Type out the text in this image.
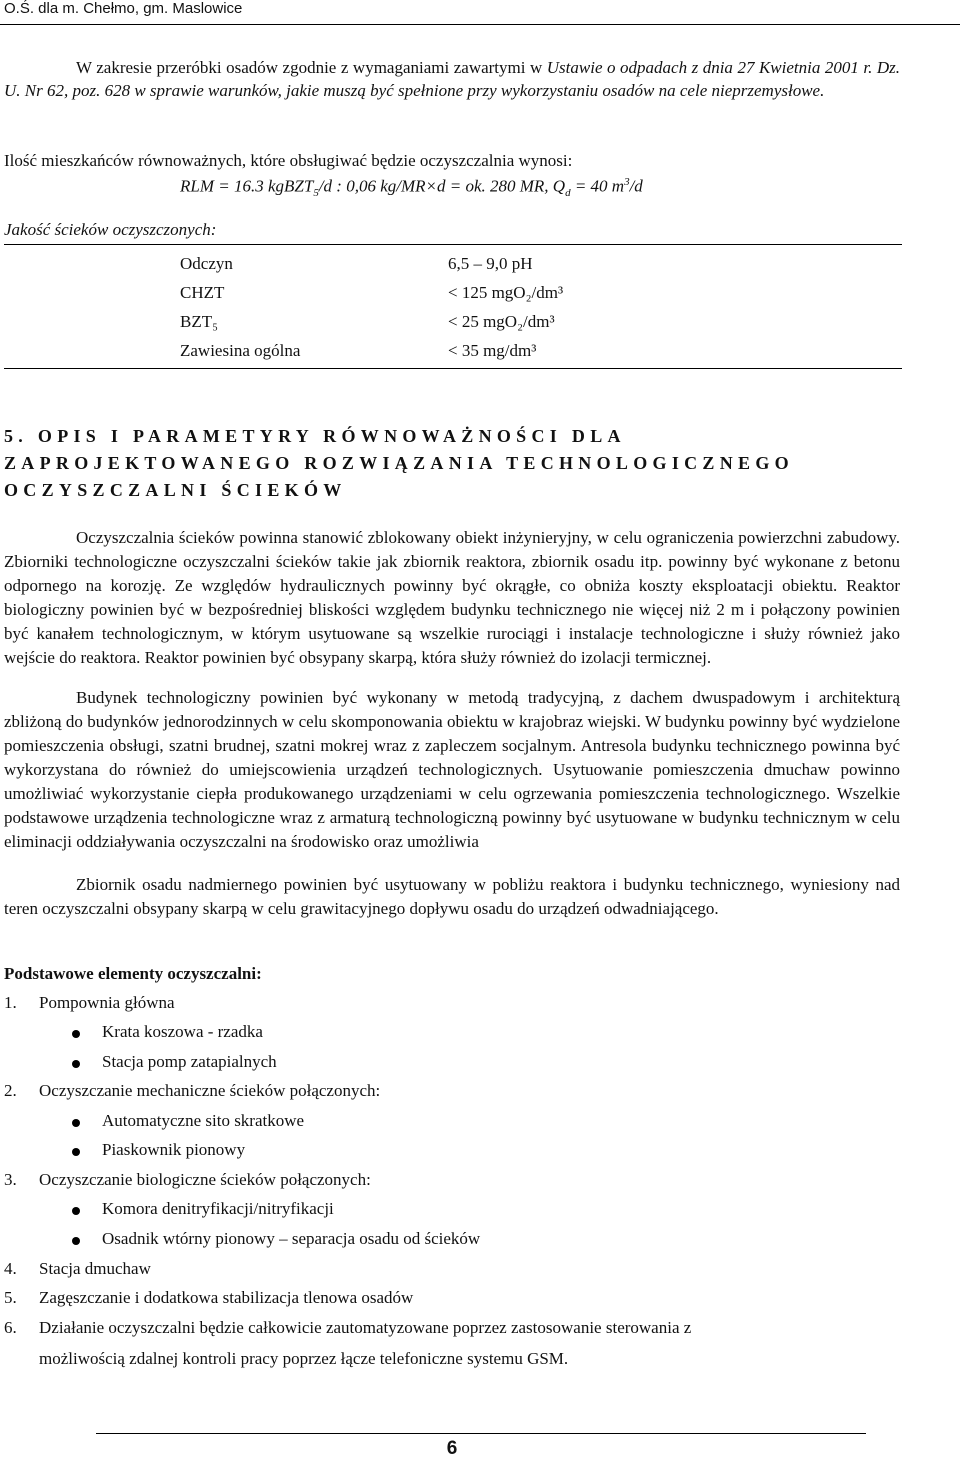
O.Ś. dla m. Chełmo, gm. Maslowice
W zakresie przeróbki osadów zgodnie z wymaganiami zawartymi w Ustawie o odpadach z dnia 27 Kwietnia 2001 r. Dz. U. Nr 62, poz. 628 w sprawie warunków, jakie muszą być spełnione przy wykorzystaniu osadów na cele nieprzemysłowe.
Ilość mieszkańców równoważnych, które obsługiwać będzie oczyszczalnia wynosi:
RLM = 16.3 kgBZT$_5$/d : 0,06 kg/MR×d = ok. 280 MR, $Q_d = 40$ $m^3/d$
Jakość ścieków oczyszczonych:
Odczyn	6,5 – 9,0 pH
CHZT	< 125 mgO₂/dm³
BZT₅	< 25 mgO₂/dm³
Zawiesina ogólna	< 35 mg/dm³
5. OPIS I PARAMETYRY RÓWNOWAŻNOŚCI DLA
ZAPROJEKTOWANEGO ROZWIĄZANIA TECHNOLOGICZNEGO
OCZYSZCZALNI ŚCIEKÓW
Oczyszczalnia ścieków powinna stanowić zblokowany obiekt inżynieryjny, w celu ograniczenia powierzchni zabudowy. Zbiorniki technologiczne oczyszczalni ścieków takie jak zbiornik reaktora, zbiornik osadu itp. powinny być wykonane z betonu odpornego na korozję. Ze względów hydraulicznych powinny być okrągłe, co obniża koszty eksploatacji obiektu. Reaktor biologiczny powinien być w bezpośredniej bliskości względem budynku technicznego nie więcej niż 2 m i połączony powinien być kanałem technologicznym, w którym usytuowane są wszelkie rurociągi i instalacje technologiczne i służy również jako wejście do reaktora. Reaktor powinien być obsypany skarpą, która służy również do izolacji termicznej.
Budynek technologiczny powinien być wykonany w metodą tradycyjną, z dachem dwuspadowym i architekturą zbliżoną do budynków jednorodzinnych w celu skomponowania obiektu w krajobraz wiejski. W budynku powinny być wydzielone pomieszczenia obsługi, szatni brudnej, szatni mokrej wraz z zapleczem socjalnym. Antresola budynku technicznego powinna być wykorzystana do również do umiejscowienia urządzeń technologicznych. Usytuowanie pomieszczenia dmuchaw powinno umożliwiać wykorzystanie ciepła produkowanego urządzeniami w celu ogrzewania pomieszczenia technologicznego. Wszelkie podstawowe urządzenia technologiczne wraz z armaturą technologiczną powinny być usytuowane w budynku technicznym w celu eliminacji oddziaływania oczyszczalni na środowisko oraz umożliwia
Zbiornik osadu nadmiernego powinien być usytuowany w pobliżu reaktora i budynku technicznego, wyniesiony nad teren oczyszczalni obsypany skarpą w celu grawitacyjnego dopływu osadu do urządzeń odwadniającego.
Podstawowe elementy oczyszczalni:
1. Pompownia główna
Krata koszowa - rzadka
Stacja pomp zatapialnych
2. Oczyszczanie mechaniczne ścieków połączonych:
Automatyczne sito skratkowe
Piaskownik pionowy
3. Oczyszczanie biologiczne ścieków połączonych:
Komora denitryfikacji/nitryfikacji
Osadnik wtórny pionowy – separacja osadu od ścieków
4. Stacja dmuchaw
5. Zagęszczanie i dodatkowa stabilizacja tlenowa osadów
6. Działanie oczyszczalni będzie całkowicie zautomatyzowane poprzez zastosowanie sterowania z
możliwością zdalnej kontroli pracy poprzez łącze telefoniczne systemu GSM.
6
